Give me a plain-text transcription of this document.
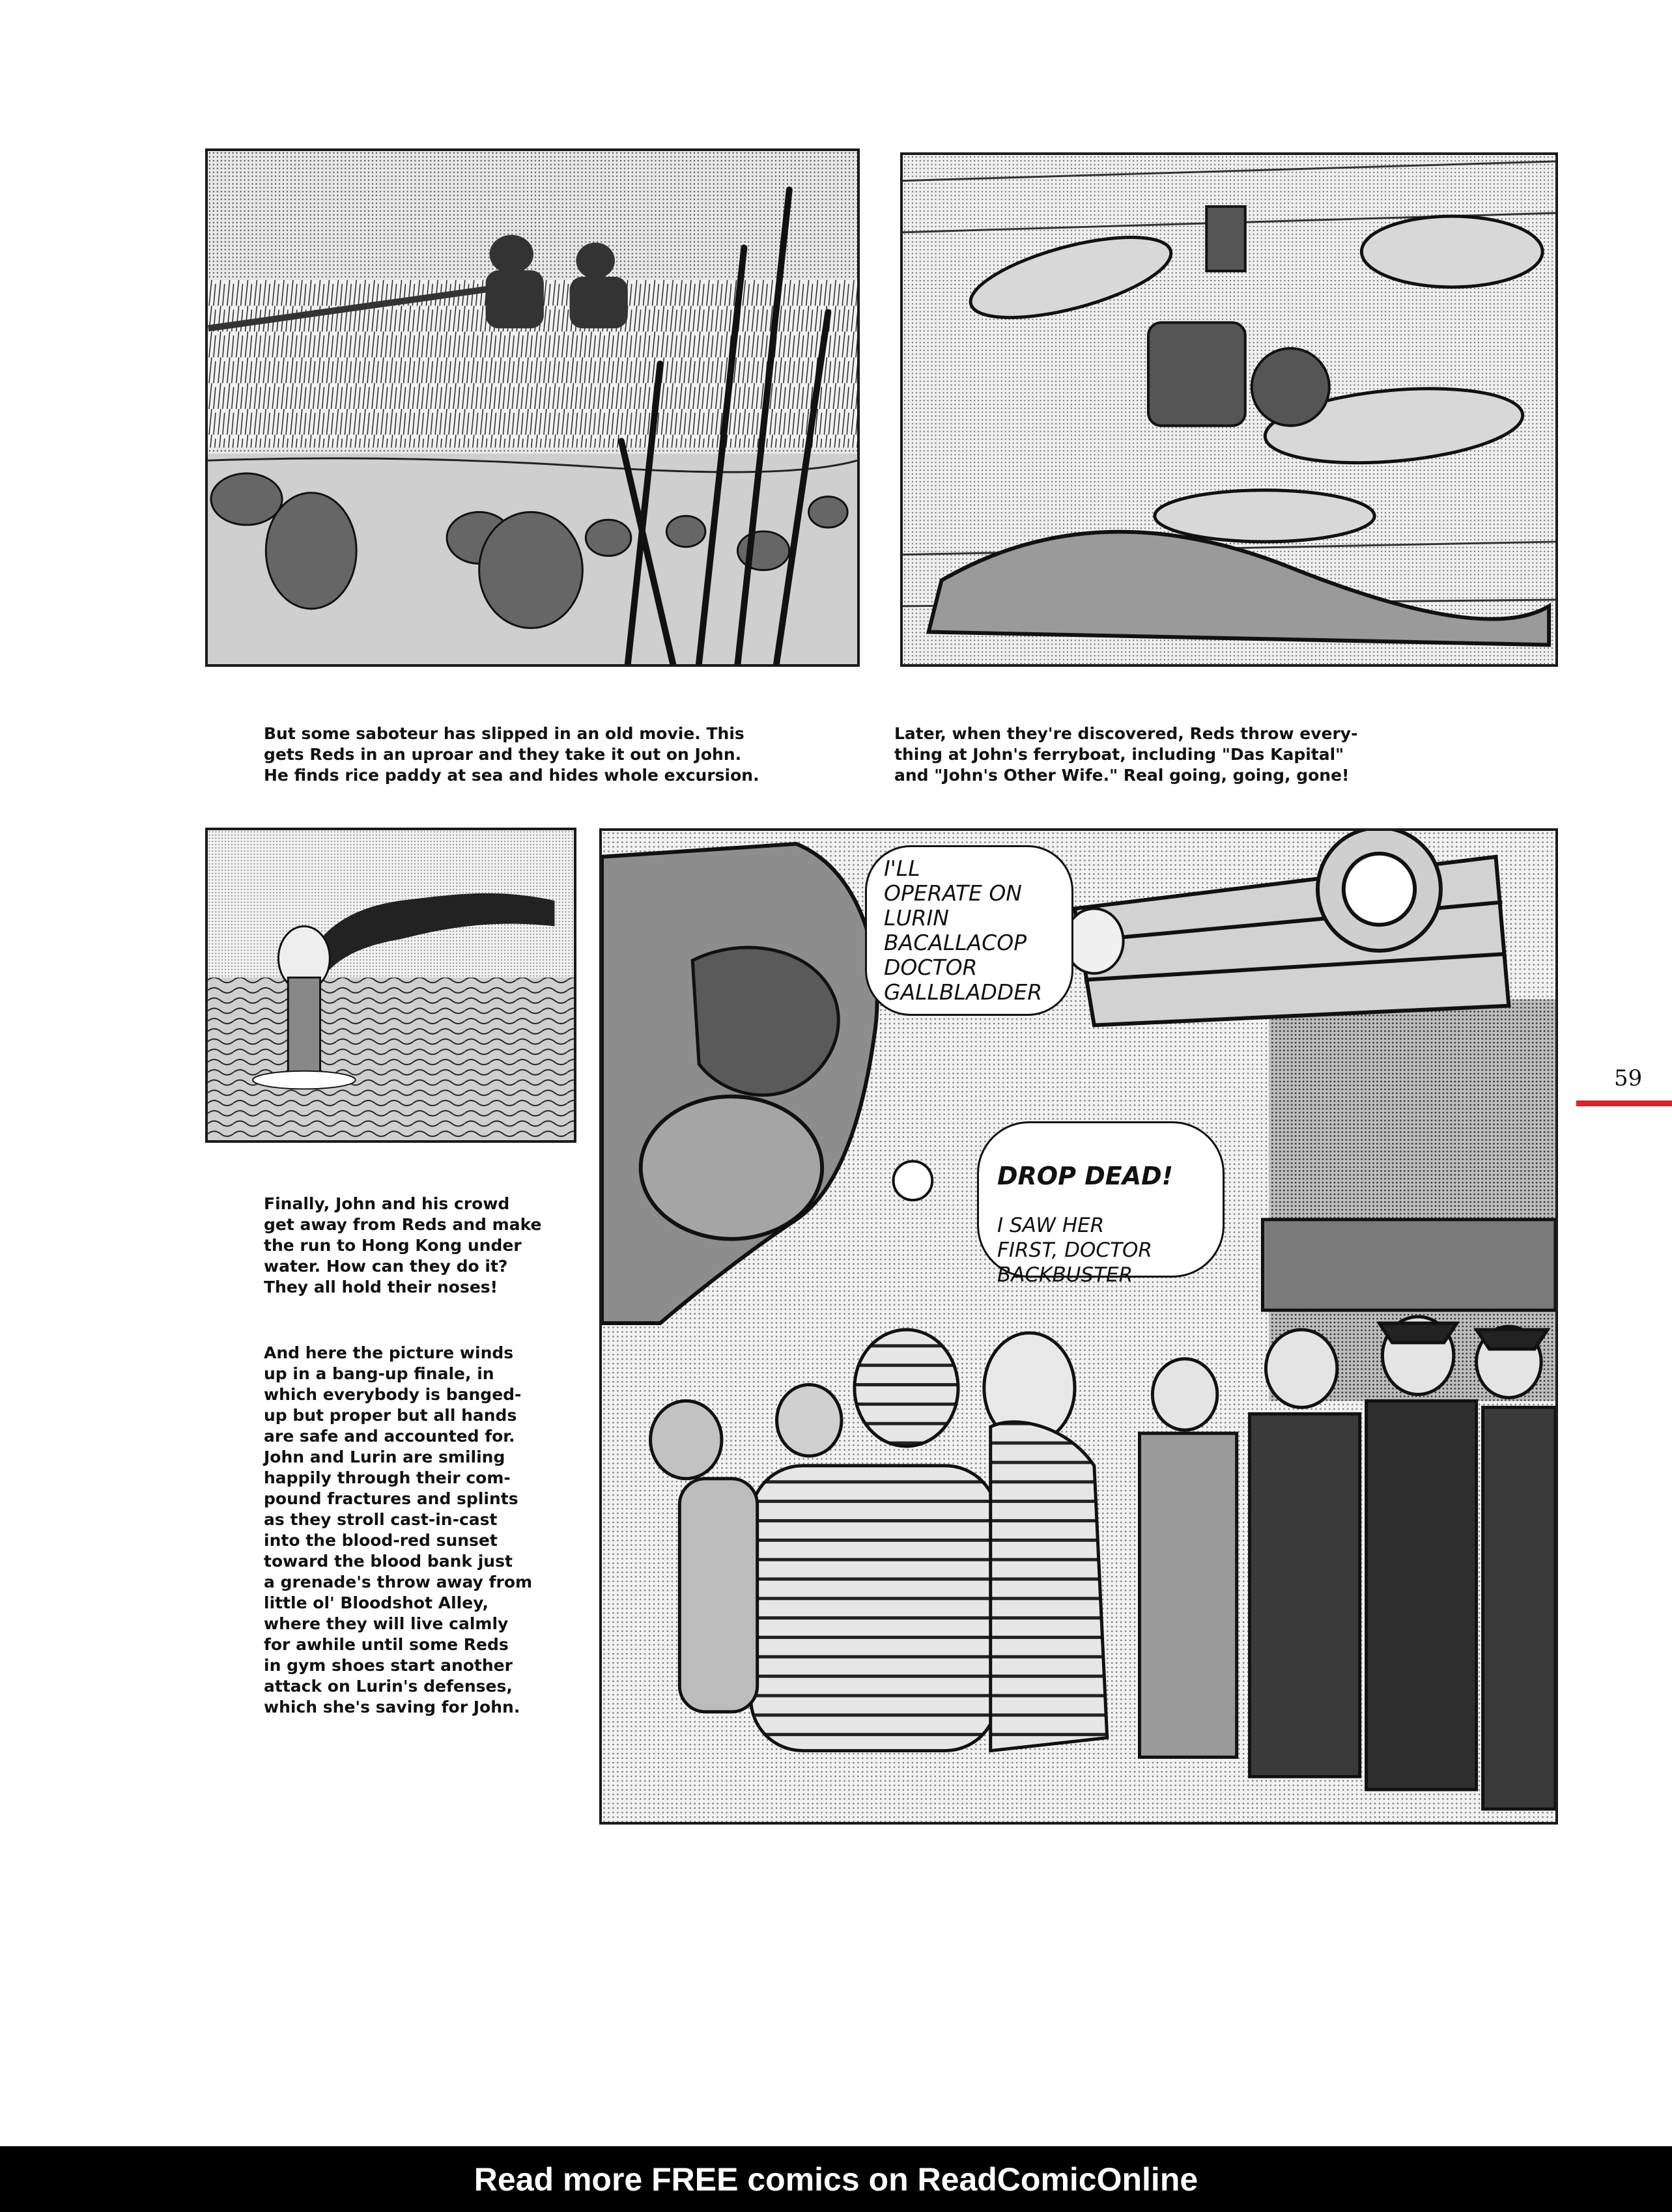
But some saboteur has slipped in an old movie. This
gets Reds in an uproar and they take it out on John.
He finds rice paddy at sea and hides whole excursion.
Later, when they're discovered, Reds throw every-
thing at John's ferryboat, including "Das Kapital"
and "John's Other Wife." Real going, going, gone!
Finally, John and his crowd
get away from Reds and make
the run to Hong Kong under
water. How can they do it?
They all hold their noses!
And here the picture winds
up in a bang-up finale, in
which everybody is banged-
up but proper but all hands
are safe and accounted for.
John and Lurin are smiling
happily through their com-
pound fractures and splints
as they stroll cast-in-cast
into the blood-red sunset
toward the blood bank just
a grenade's throw away from
little ol' Bloodshot Alley,
where they will live calmly
for awhile until some Reds
in gym shoes start another
attack on Lurin's defenses,
which she's saving for John.
I'LL
OPERATE ON
LURIN
BACALLACOP
DOCTOR
GALLBLADDER

DROP DEAD!

I SAW HER
FIRST, DOCTOR
BACKBUSTER

59
Read more FREE comics on ReadComicOnline
